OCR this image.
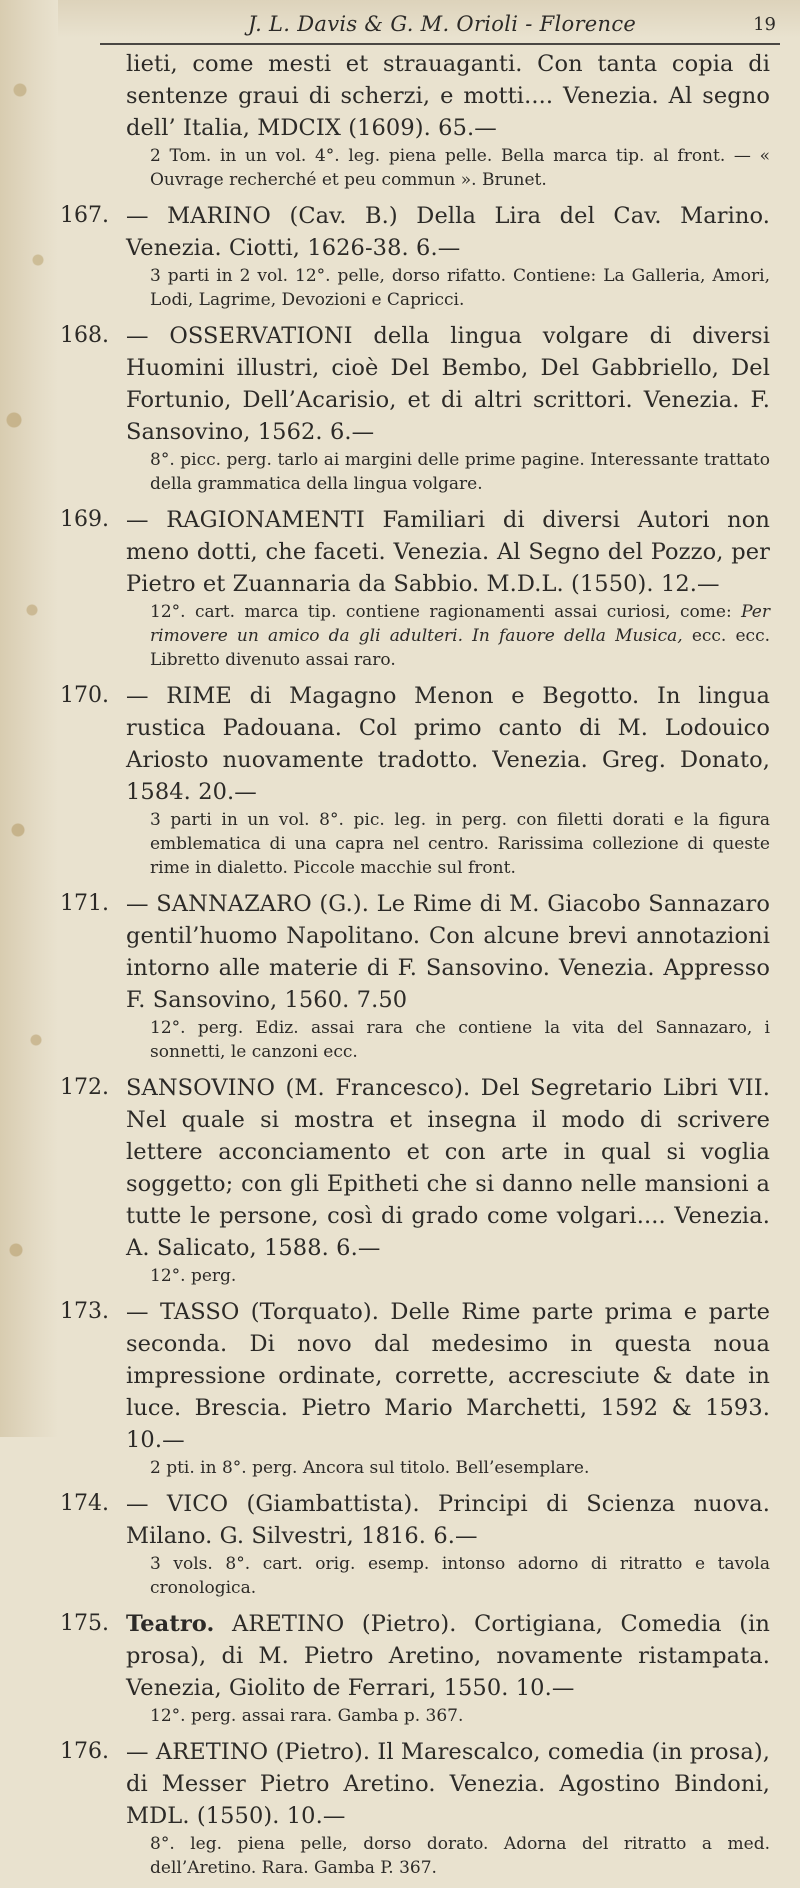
J. L. Davis & G. M. Orioli - Florence	19
lieti, come mesti et strauaganti. Con tanta copia di sentenze graui di scherzi, e motti.... Venezia. Al segno dell’ Italia, MDCIX (1609). 65.—
2 Tom. in un vol. 4°. leg. piena pelle. Bella marca tip. al front. — « Ouvrage recherché et peu commun ». Brunet.
167. — MARINO (Cav. B.) Della Lira del Cav. Marino. Venezia. Ciotti, 1626-38. 6.—
3 parti in 2 vol. 12°. pelle, dorso rifatto. Contiene: La Galleria, Amori, Lodi, Lagrime, Devozioni e Capricci.
168. — OSSERVATIONI della lingua volgare di diversi Huomini illustri, cioè Del Bembo, Del Gabbriello, Del Fortunio, Dell’Acarisio, et di altri scrittori. Venezia. F. Sansovino, 1562. 6.—
8°. picc. perg. tarlo ai margini delle prime pagine. Interessante trattato della grammatica della lingua volgare.
169. — RAGIONAMENTI Familiari di diversi Autori non meno dotti, che faceti. Venezia. Al Segno del Pozzo, per Pietro et Zuannaria da Sabbio. M.D.L. (1550). 12.—
12°. cart. marca tip. contiene ragionamenti assai curiosi, come: Per rimovere un amico da gli adulteri. In fauore della Musica, ecc. ecc. Libretto divenuto assai raro.
170. — RIME di Magagno Menon e Begotto. In lingua rustica Padouana. Col primo canto di M. Lodouico Ariosto nuovamente tradotto. Venezia. Greg. Donato, 1584. 20.—
3 parti in un vol. 8°. pic. leg. in perg. con filetti dorati e la figura emblematica di una capra nel centro. Rarissima collezione di queste rime in dialetto. Piccole macchie sul front.
171. — SANNAZARO (G.). Le Rime di M. Giacobo Sannazaro gentil’huomo Napolitano. Con alcune brevi annotazioni intorno alle materie di F. Sansovino. Venezia. Appresso F. Sansovino, 1560. 7.50
12°. perg. Ediz. assai rara che contiene la vita del Sannazaro, i sonnetti, le canzoni ecc.
172. SANSOVINO (M. Francesco). Del Segretario Libri VII. Nel quale si mostra et insegna il modo di scrivere lettere acconciamento et con arte in qual si voglia soggetto; con gli Epitheti che si danno nelle mansioni a tutte le persone, così di grado come volgari.... Venezia. A. Salicato, 1588. 6.—
12°. perg.
173. — TASSO (Torquato). Delle Rime parte prima e parte seconda. Di novo dal medesimo in questa noua impressione ordinate, corrette, accresciute & date in luce. Brescia. Pietro Mario Marchetti, 1592 & 1593. 10.—
2 pti. in 8°. perg. Ancora sul titolo. Bell’esemplare.
174. — VICO (Giambattista). Principi di Scienza nuova. Milano. G. Silvestri, 1816. 6.—
3 vols. 8°. cart. orig. esemp. intonso adorno di ritratto e tavola cronologica.
175. Teatro. ARETINO (Pietro). Cortigiana, Comedia (in prosa), di M. Pietro Aretino, novamente ristampata. Venezia, Giolito de Ferrari, 1550. 10.—
12°. perg. assai rara. Gamba p. 367.
176. — ARETINO (Pietro). Il Marescalco, comedia (in prosa), di Messer Pietro Aretino. Venezia. Agostino Bindoni, MDL. (1550). 10.—
8°. leg. piena pelle, dorso dorato. Adorna del ritratto a med. dell’Aretino. Rara. Gamba P. 367.
